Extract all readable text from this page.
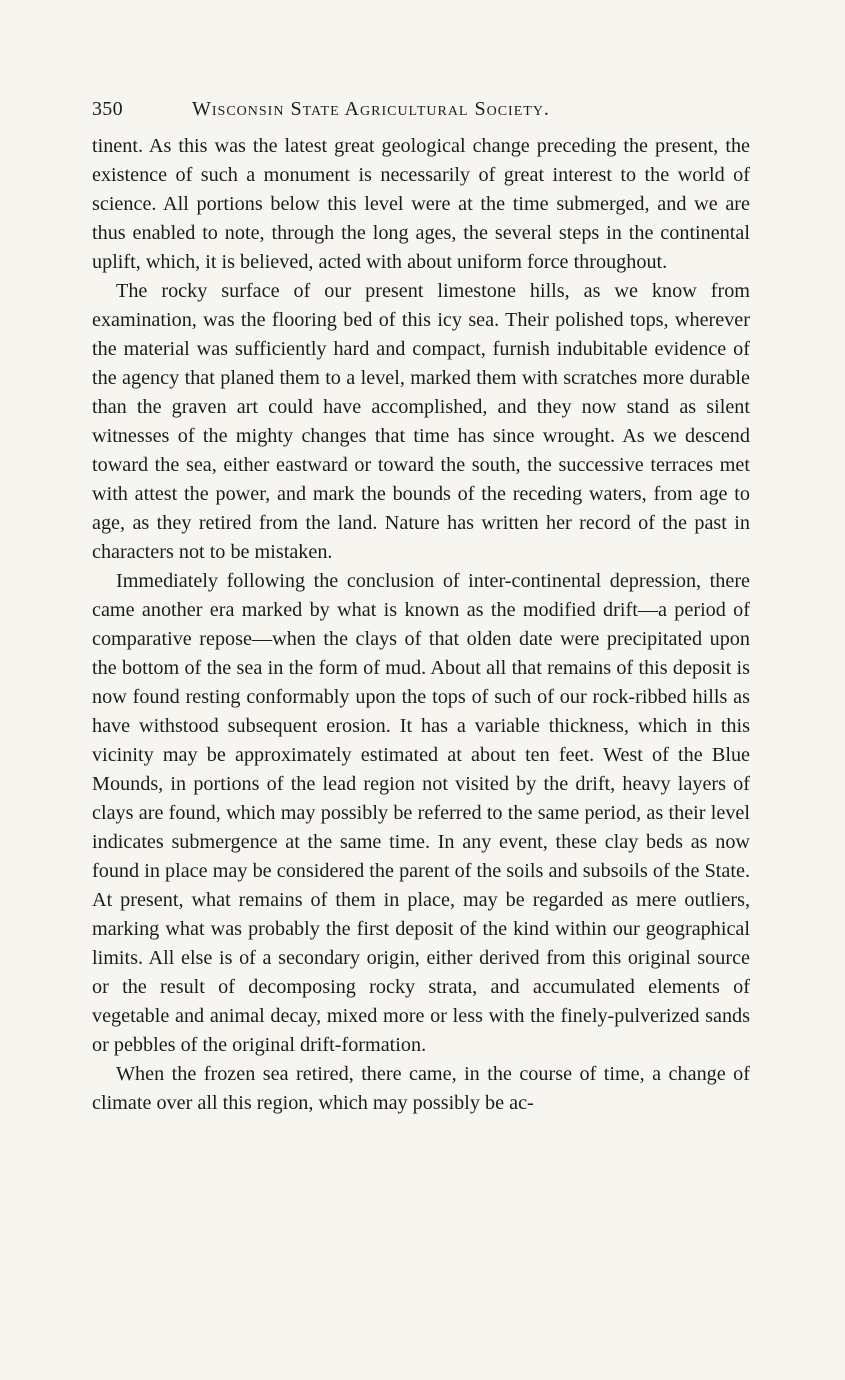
350	Wisconsin State Agricultural Society.

tinent. As this was the latest great geological change preceding the present, the existence of such a monument is necessarily of great interest to the world of science. All portions below this level were at the time submerged, and we are thus enabled to note, through the long ages, the several steps in the continental uplift, which, it is believed, acted with about uniform force throughout.

The rocky surface of our present limestone hills, as we know from examination, was the flooring bed of this icy sea. Their polished tops, wherever the material was sufficiently hard and compact, furnish indubitable evidence of the agency that planed them to a level, marked them with scratches more durable than the graven art could have accomplished, and they now stand as silent witnesses of the mighty changes that time has since wrought. As we descend toward the sea, either eastward or toward the south, the successive terraces met with attest the power, and mark the bounds of the receding waters, from age to age, as they retired from the land. Nature has written her record of the past in characters not to be mistaken.

Immediately following the conclusion of inter-continental depression, there came another era marked by what is known as the modified drift—a period of comparative repose—when the clays of that olden date were precipitated upon the bottom of the sea in the form of mud. About all that remains of this deposit is now found resting conformably upon the tops of such of our rock-ribbed hills as have withstood subsequent erosion. It has a variable thickness, which in this vicinity may be approximately estimated at about ten feet. West of the Blue Mounds, in portions of the lead region not visited by the drift, heavy layers of clays are found, which may possibly be referred to the same period, as their level indicates submergence at the same time. In any event, these clay beds as now found in place may be considered the parent of the soils and subsoils of the State. At present, what remains of them in place, may be regarded as mere outliers, marking what was probably the first deposit of the kind within our geographical limits. All else is of a secondary origin, either derived from this original source or the result of decomposing rocky strata, and accumulated elements of vegetable and animal decay, mixed more or less with the finely-pulverized sands or pebbles of the original drift-formation.

When the frozen sea retired, there came, in the course of time, a change of climate over all this region, which may possibly be ac-
